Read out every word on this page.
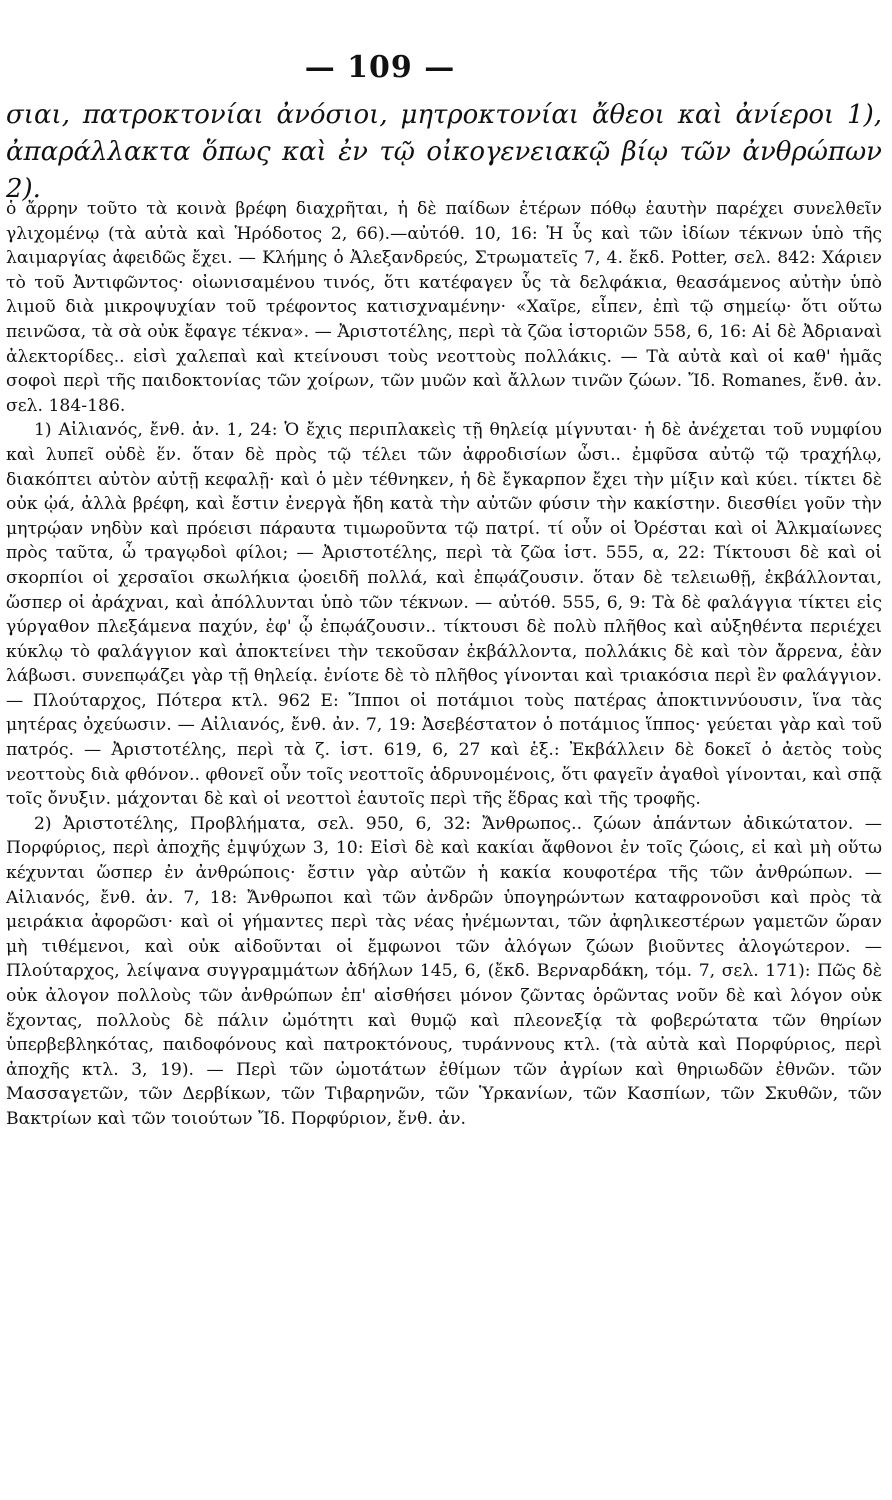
— 109 —

σιαι, πατροκτονίαι ἀνόσιοι, μητροκτονίαι ἄθεοι καὶ ἀνίεροι 1), ἀπαράλλακτα ὅπως καὶ ἐν τῷ οἰκογενειακῷ βίῳ τῶν ἀνθρώπων 2).

ὁ ἄρρην τοῦτο τὰ κοινὰ βρέφη διαχρῆται, ἡ δὲ παίδων ἑτέρων πόθῳ ἑαυτὴν παρέχει συνελθεῖν γλιχομένῳ (τὰ αὐτὰ καὶ Ἡρόδοτος 2, 66).—αὐτόθ. 10, 16: Ἡ ὗς καὶ τῶν ἰδίων τέκνων ὑπὸ τῆς λαιμαργίας ἀφειδῶς ἔχει. — Κλήμης ὁ Ἀλεξανδρεύς, Στρωματεῖς 7, 4. ἔκδ. Potter, σελ. 842: Χάριεν τὸ τοῦ Ἀντιφῶντος· οἰωνισαμένου τινός, ὅτι κατέφαγεν ὗς τὰ δελφάκια, θεασάμενος αὐτὴν ὑπὸ λιμοῦ διὰ μικροψυχίαν τοῦ τρέφοντος κατισχναμένην· «Χαῖρε, εἶπεν, ἐπὶ τῷ σημείῳ· ὅτι οὕτω πεινῶσα, τὰ σὰ οὐκ ἔφαγε τέκνα». — Ἀριστοτέλης, περὶ τὰ ζῶα ἱστοριῶν 558, 6, 16: Αἱ δὲ Ἀδριαναὶ ἀλεκτορίδες.. εἰσὶ χαλεπαὶ καὶ κτείνουσι τοὺς νεοττοὺς πολλάκις. — Τὰ αὐτὰ καὶ οἱ καθ' ἡμᾶς σοφοὶ περὶ τῆς παιδοκτονίας τῶν χοίρων, τῶν μυῶν καὶ ἄλλων τινῶν ζώων. Ἴδ. Romanes, ἔνθ. ἀν. σελ. 184-186.

1) Αἰλιανός, ἔνθ. ἀν. 1, 24: Ὁ ἔχις περιπλακεὶς τῇ θηλείᾳ μίγνυται· ἡ δὲ ἀνέχεται τοῦ νυμφίου καὶ λυπεῖ οὐδὲ ἕν. ὅταν δὲ πρὸς τῷ τέλει τῶν ἀφροδισίων ὦσι.. ἐμφῦσα αὐτῷ τῷ τραχήλῳ, διακόπτει αὐτὸν αὐτῇ κεφαλῇ· καὶ ὁ μὲν τέθνηκεν, ἡ δὲ ἔγκαρπον ἔχει τὴν μίξιν καὶ κύει. τίκτει δὲ οὐκ ᾠά, ἀλλὰ βρέφη, καὶ ἔστιν ἐνεργὰ ἤδη κατὰ τὴν αὐτῶν φύσιν τὴν κακίστην. διεσθίει γοῦν τὴν μητρῴαν νηδὺν καὶ πρόεισι πάραυτα τιμωροῦντα τῷ πατρί. τί οὖν οἱ Ὀρέσται καὶ οἱ Ἀλκμαίωνες πρὸς ταῦτα, ὦ τραγῳδοὶ φίλοι; — Ἀριστοτέλης, περὶ τὰ ζῶα ἱστ. 555, α, 22: Τίκτουσι δὲ καὶ οἱ σκορπίοι οἱ χερσαῖοι σκωλήκια ᾠοειδῆ πολλά, καὶ ἐπῳάζουσιν. ὅταν δὲ τελειωθῇ, ἐκβάλλονται, ὥσπερ οἱ ἀράχναι, καὶ ἀπόλλυνται ὑπὸ τῶν τέκνων. — αὐτόθ. 555, 6, 9: Τὰ δὲ φαλάγγια τίκτει εἰς γύργαθον πλεξάμενα παχύν, ἐφ' ᾧ ἐπῳάζουσιν.. τίκτουσι δὲ πολὺ πλῆθος καὶ αὐξηθέντα περιέχει κύκλῳ τὸ φαλάγγιον καὶ ἀποκτείνει τὴν τεκοῦσαν ἐκβάλλοντα, πολλάκις δὲ καὶ τὸν ἄρρενα, ἐὰν λάβωσι. συνεπῳάζει γὰρ τῇ θηλείᾳ. ἐνίοτε δὲ τὸ πλῆθος γίνονται καὶ τριακόσια περὶ ἓν φαλάγγιον. — Πλούταρχος, Πότερα κτλ. 962 Ε: Ἵπποι οἱ ποτάμιοι τοὺς πατέρας ἀποκτιννύουσιν, ἵνα τὰς μητέρας ὀχεύωσιν. — Αἰλιανός, ἔνθ. ἀν. 7, 19: Ἀσεβέστατον ὁ ποτάμιος ἵππος· γεύεται γὰρ καὶ τοῦ πατρός. — Ἀριστοτέλης, περὶ τὰ ζ. ἱστ. 619, 6, 27 καὶ ἑξ.: Ἐκβάλλειν δὲ δοκεῖ ὁ ἀετὸς τοὺς νεοττοὺς διὰ φθόνον.. φθονεῖ οὖν τοῖς νεοττοῖς ἁδρυνομένοις, ὅτι φαγεῖν ἀγαθοὶ γίνονται, καὶ σπᾷ τοῖς ὄνυξιν. μάχονται δὲ καὶ οἱ νεοττοὶ ἑαυτοῖς περὶ τῆς ἕδρας καὶ τῆς τροφῆς.

2) Ἀριστοτέλης, Προβλήματα, σελ. 950, 6, 32: Ἄνθρωπος.. ζώων ἁπάντων ἀδικώτατον. — Πορφύριος, περὶ ἀποχῆς ἐμψύχων 3, 10: Εἰσὶ δὲ καὶ κακίαι ἄφθονοι ἐν τοῖς ζώοις, εἰ καὶ μὴ οὕτω κέχυνται ὥσπερ ἐν ἀνθρώποις· ἔστιν γὰρ αὐτῶν ἡ κακία κουφοτέρα τῆς τῶν ἀνθρώπων. — Αἰλιανός, ἔνθ. ἀν. 7, 18: Ἄνθρωποι καὶ τῶν ἀνδρῶν ὑπογηρώντων καταφρονοῦσι καὶ πρὸς τὰ μειράκια ἀφορῶσι· καὶ οἱ γήμαντες περὶ τὰς νέας ἠνέμωνται, τῶν ἀφηλικεστέρων γαμετῶν ὥραν μὴ τιθέμενοι, καὶ οὐκ αἰδοῦνται οἱ ἔμφωνοι τῶν ἀλόγων ζώων βιοῦντες ἀλογώτερον. — Πλούταρχος, λείψανα συγγραμμάτων ἀδήλων 145, 6, (ἔκδ. Βερναρδάκη, τόμ. 7, σελ. 171): Πῶς δὲ οὐκ ἀλογον πολλοὺς τῶν ἀνθρώπων ἐπ' αἰσθήσει μόνον ζῶντας ὁρῶντας νοῦν δὲ καὶ λόγον οὐκ ἔχοντας, πολλοὺς δὲ πάλιν ὠμότητι καὶ θυμῷ καὶ πλεονεξίᾳ τὰ φοβερώτατα τῶν θηρίων ὑπερβεβληκότας, παιδοφόνους καὶ πατροκτόνους, τυράννους κτλ. (τὰ αὐτὰ καὶ Πορφύριος, περὶ ἀποχῆς κτλ. 3, 19). — Περὶ τῶν ὠμοτάτων ἐθίμων τῶν ἀγρίων καὶ θηριωδῶν ἐθνῶν. τῶν Μασσαγετῶν, τῶν Δερβίκων, τῶν Τιβαρηνῶν, τῶν Ὑρκανίων, τῶν Κασπίων, τῶν Σκυθῶν, τῶν Βακτρίων καὶ τῶν τοιούτων Ἴδ. Πορφύριον, ἔνθ. ἀν.
